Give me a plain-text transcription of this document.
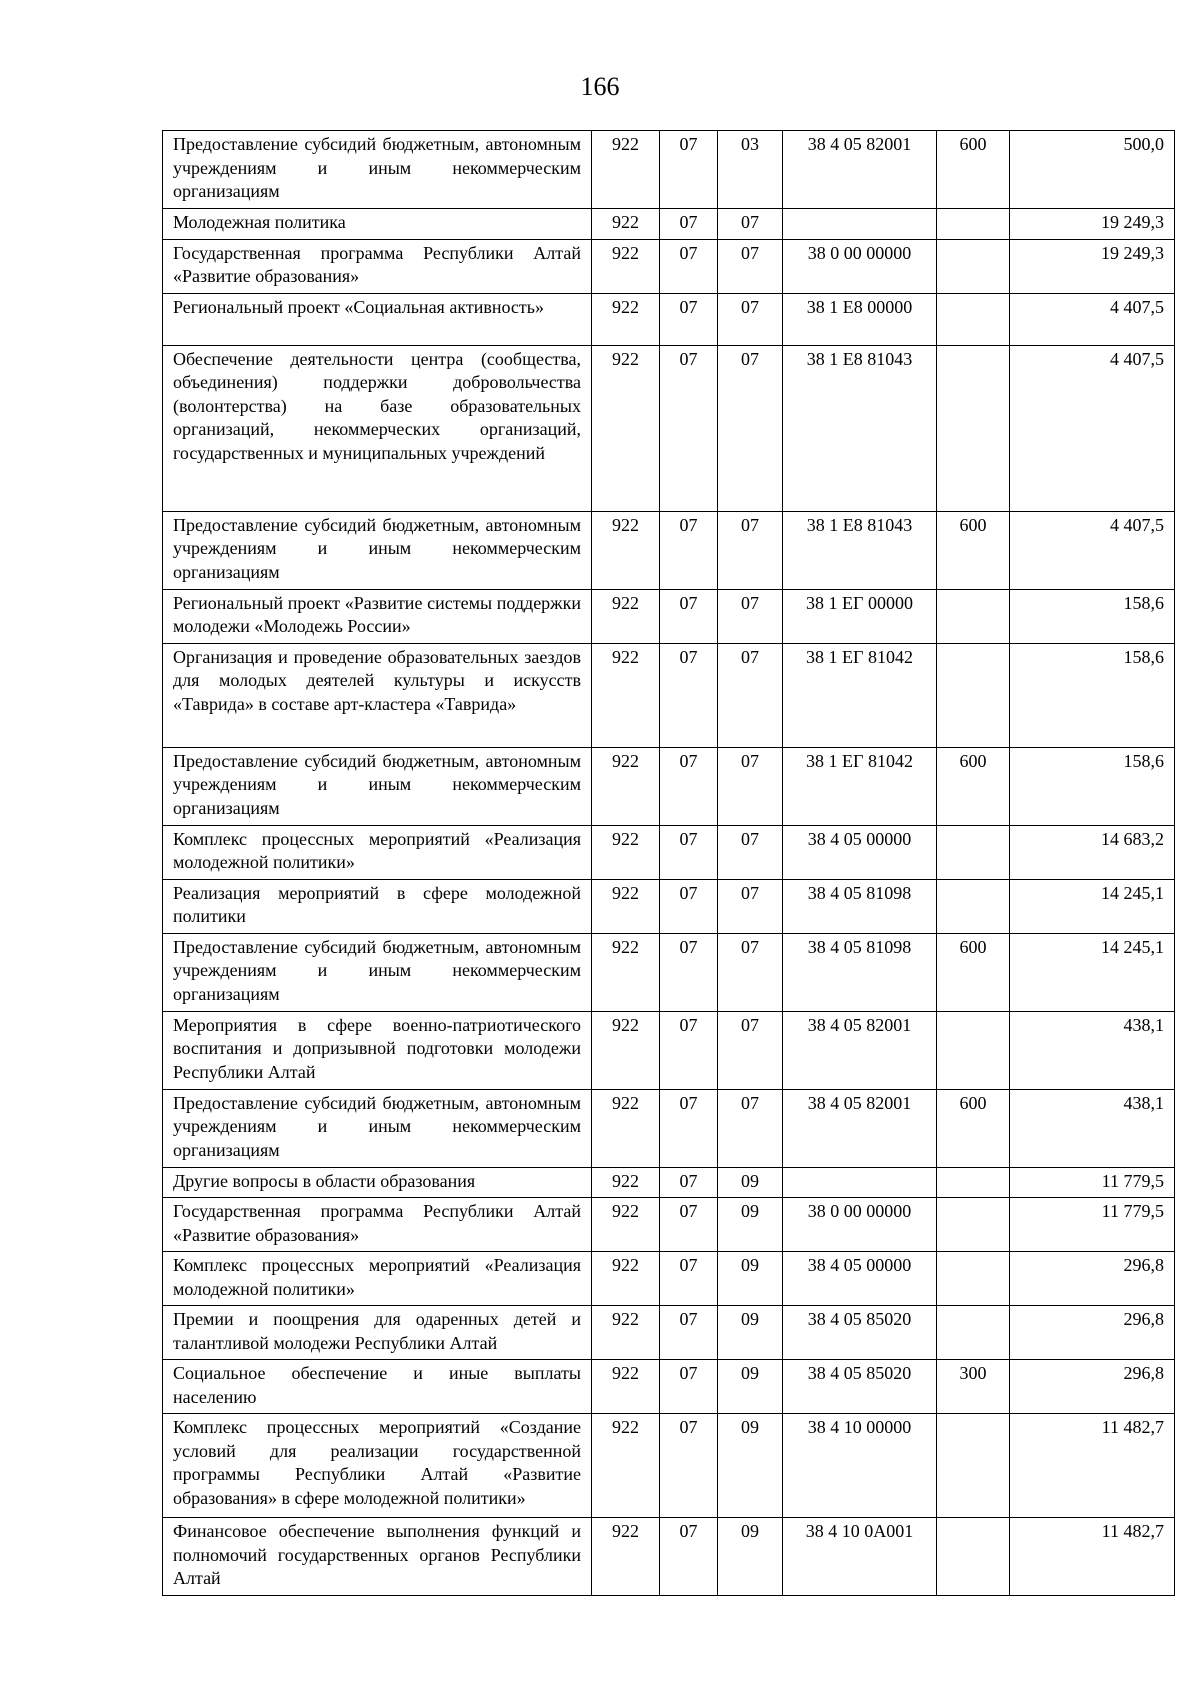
166
Предоставление субсидий бюджетным, автономным учреждениям и иным некоммерческим организациям	922	07	03	38 4 05 82001	600	500,0
Молодежная политика	922	07	07			19 249,3
Государственная программа Республики Алтай «Развитие образования»	922	07	07	38 0 00 00000		19 249,3
Региональный проект «Социальная активность»	922	07	07	38 1 Е8 00000		4 407,5
Обеспечение деятельности центра (сообщества, объединения) поддержки добровольчества (волонтерства) на базе образовательных организаций, некоммерческих организаций, государственных и муниципальных учреждений	922	07	07	38 1 Е8 81043		4 407,5
Предоставление субсидий бюджетным, автономным учреждениям и иным некоммерческим организациям	922	07	07	38 1 Е8 81043	600	4 407,5
Региональный проект «Развитие системы поддержки молодежи «Молодежь России»	922	07	07	38 1 ЕГ 00000		158,6
Организация и проведение образовательных заездов для молодых деятелей культуры и искусств «Таврида» в составе арт-кластера «Таврида»	922	07	07	38 1 ЕГ 81042		158,6
Предоставление субсидий бюджетным, автономным учреждениям и иным некоммерческим организациям	922	07	07	38 1 ЕГ 81042	600	158,6
Комплекс процессных мероприятий «Реализация молодежной политики»	922	07	07	38 4 05 00000		14 683,2
Реализация мероприятий в сфере молодежной политики	922	07	07	38 4 05 81098		14 245,1
Предоставление субсидий бюджетным, автономным учреждениям и иным некоммерческим организациям	922	07	07	38 4 05 81098	600	14 245,1
Мероприятия в сфере военно-патриотического воспитания и допризывной подготовки молодежи Республики Алтай	922	07	07	38 4 05 82001		438,1
Предоставление субсидий бюджетным, автономным учреждениям и иным некоммерческим организациям	922	07	07	38 4 05 82001	600	438,1
Другие вопросы в области образования	922	07	09			11 779,5
Государственная программа Республики Алтай «Развитие образования»	922	07	09	38 0 00 00000		11 779,5
Комплекс процессных мероприятий «Реализация молодежной политики»	922	07	09	38 4 05 00000		296,8
Премии и поощрения для одаренных детей и талантливой молодежи Республики Алтай	922	07	09	38 4 05 85020		296,8
Социальное обеспечение и иные выплаты населению	922	07	09	38 4 05 85020	300	296,8
Комплекс процессных мероприятий «Создание условий для реализации государственной программы Республики Алтай «Развитие образования» в сфере молодежной политики»	922	07	09	38 4 10 00000		11 482,7
Финансовое обеспечение выполнения функций и полномочий государственных органов Республики Алтай	922	07	09	38 4 10 0А001		11 482,7
